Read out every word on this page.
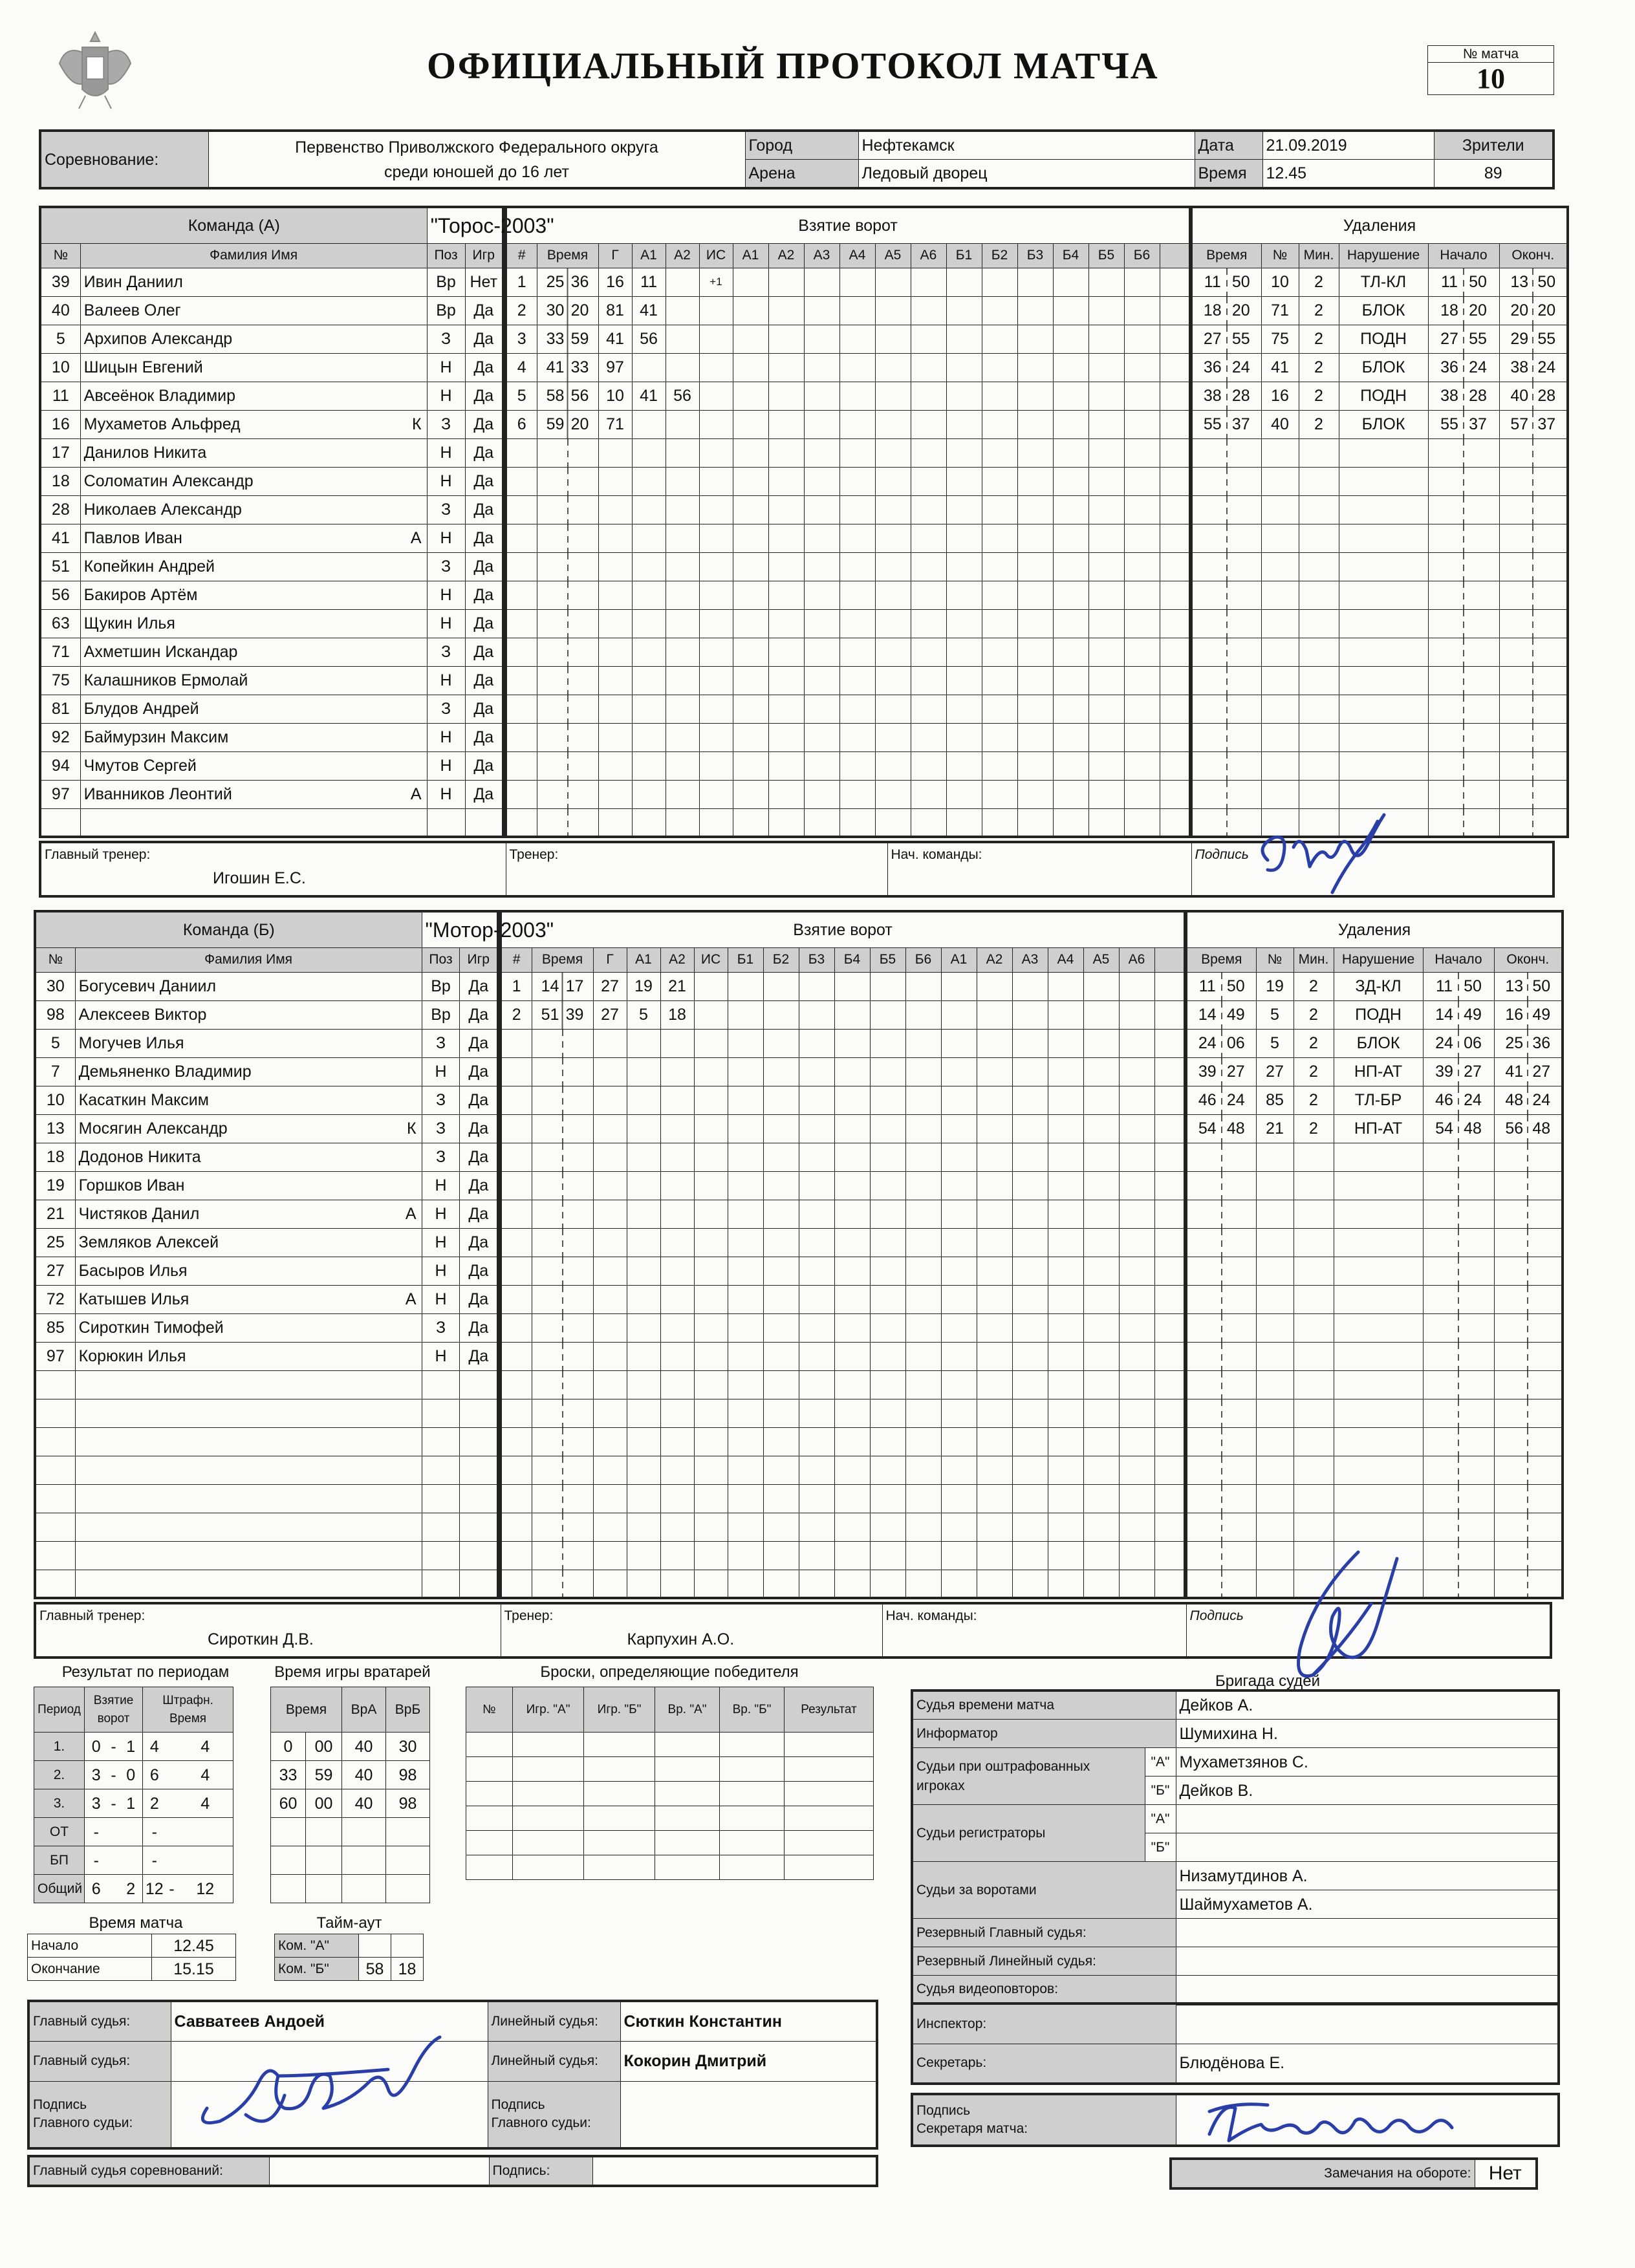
ОФИЦИАЛЬНЫЙ ПРОТОКОЛ МАТЧА	№ матча
10
Соревнование:	Первенство Приволжского Федерального округа
среди юношей до 16 лет	Город	Нефтекамск	Дата	21.09.2019	Зрители
		Арена	Ледовый дворец	Время	12.45	89
Команда (А)		"Торос-2003"	
№	Фамилия Имя	Поз	Игр
39	Ивин Даниил	Вр	Нет
40	Валеев Олег	Вр	Да
5	Архипов Александр	З	Да
10	Шицын Евгений	Н	Да
11	Авсеёнок Владимир	Н	Да
16	Мухаметов Альфред К	З	Да
17	Данилов Никита	Н	Да
18	Соломатин Александр	Н	Да
28	Николаев Александр	З	Да
41	Павлов Иван А	Н	Да
51	Копейкин Андрей	З	Да
56	Бакиров Артём	Н	Да
63	Щукин Илья	Н	Да
71	Ахметшин Искандар	З	Да
75	Калашников Ермолай	Н	Да
81	Блудов Андрей	З	Да
92	Баймурзин Максим	Н	Да
94	Чмутов Сергей	Н	Да
97	Иванников Леонтий А	Н	Да

Взятие ворот																		
#	Время	Г	А1	А2	ИС	А1	А2	А3	А4	А5	А6	Б1	Б2	Б3	Б4	Б5	Б6	
1	25 36	16	11		+1													
2	30 20	81	41															
3	33 59	41	56															
4	41 33	97																
5	58 56	10	41	56														
6	59 20	71																

Удаления					
Время	№	Мин.	Нарушение	Начало	Оконч.
11 50	10	2	ТЛ-КЛ	11 50	13 50
18 20	71	2	БЛОК	18 20	20 20
27 55	75	2	ПОДН	27 55	29 55
36 24	41	2	БЛОК	36 24	38 24
38 28	16	2	ПОДН	38 28	40 28
55 37	40	2	БЛОК	55 37	57 37

Главный тренер:
Игошин Е.С.

Тренер:	Нач. команды:	Подпись
Команда (Б)		"Мотор-2003"	
№	Фамилия Имя	Поз	Игр
30	Богусевич Даниил	Вр	Да
98	Алексеев Виктор	Вр	Да
5	Могучев Илья	З	Да
7	Демьяненко Владимир	Н	Да
10	Касаткин Максим	З	Да
13	Мосягин Александр К	З	Да
18	Додонов Никита	З	Да
19	Горшков Иван	Н	Да
21	Чистяков Данил А	Н	Да
25	Земляков Алексей	Н	Да
27	Басыров Илья	Н	Да
72	Катышев Илья А	Н	Да
85	Сироткин Тимофей	З	Да
97	Корюкин Илья	Н	Да

Взятие ворот																		
#	Время	Г	А1	А2	ИС	Б1	Б2	Б3	Б4	Б5	Б6	А1	А2	А3	А4	А5	А6	
1	14 17	27	19	21														
2	51 39	27	5	18														

Удаления					
Время	№	Мин.	Нарушение	Начало	Оконч.
11 50	19	2	ЗД-КЛ	11 50	13 50
14 49	5	2	ПОДН	14 49	16 49
24 06	5	2	БЛОК	24 06	25 36
39 27	27	2	НП-АТ	39 27	41 27
46 24	85	2	ТЛ-БР	46 24	48 24
54 48	21	2	НП-АТ	54 48	56 48

Главный тренер:
Сироткин Д.В.

Тренер:
Карпухин А.О.

Нач. команды:	Подпись
Результат по периодам
Период	Взятие ворот			Штрафн. Время		
1.	0	-	1	4		4
2.	3	-	0	6		4
3.	3	-	1	2		4
ОТ	-			-		
БП	-			-		
Общий	6		2	12	-	12
Время игры вратарей
Время		ВрА	ВрБ
0	00	40	30
33	59	40	98
60	00	40	98

Броски, определяющие победителя
№	Игр. "А"	Игр. "Б"	Вр. "А"	Вр. "Б"	Результат

Время матча
Начало	12.45
Окончание	15.15
Тайм-аут
Ком. "А"		
Ком. "Б"	58	18
Бригада судей
Судья времени матча		Дейков А.
Информатор		Шумихина Н.
Судьи при оштрафованных игроках	"А"	Мухаметзянов С.
	"Б"	Дейков В.
Судьи регистраторы	"А"	
	"Б"	
Судьи за воротами		Низамутдинов А.
		Шаймухаметов А.
Резервный Главный судья:		
Резервный Линейный судья:		
Судья видеоповторов:		
Главный судья:	Савватеев Андоей	Линейный судья:	Сюткин Константин
Главный судья:		Линейный судья:	Кокорин Дмитрий
Подпись
Главного судьи:		Подпись
Главного судьи:	
Главный судья соревнований:		Подпись:	
Инспектор:	
Секретарь:	Блюдёнова Е.
Подпись
Секретаря матча:	
Замечания на обороте:	Нет
